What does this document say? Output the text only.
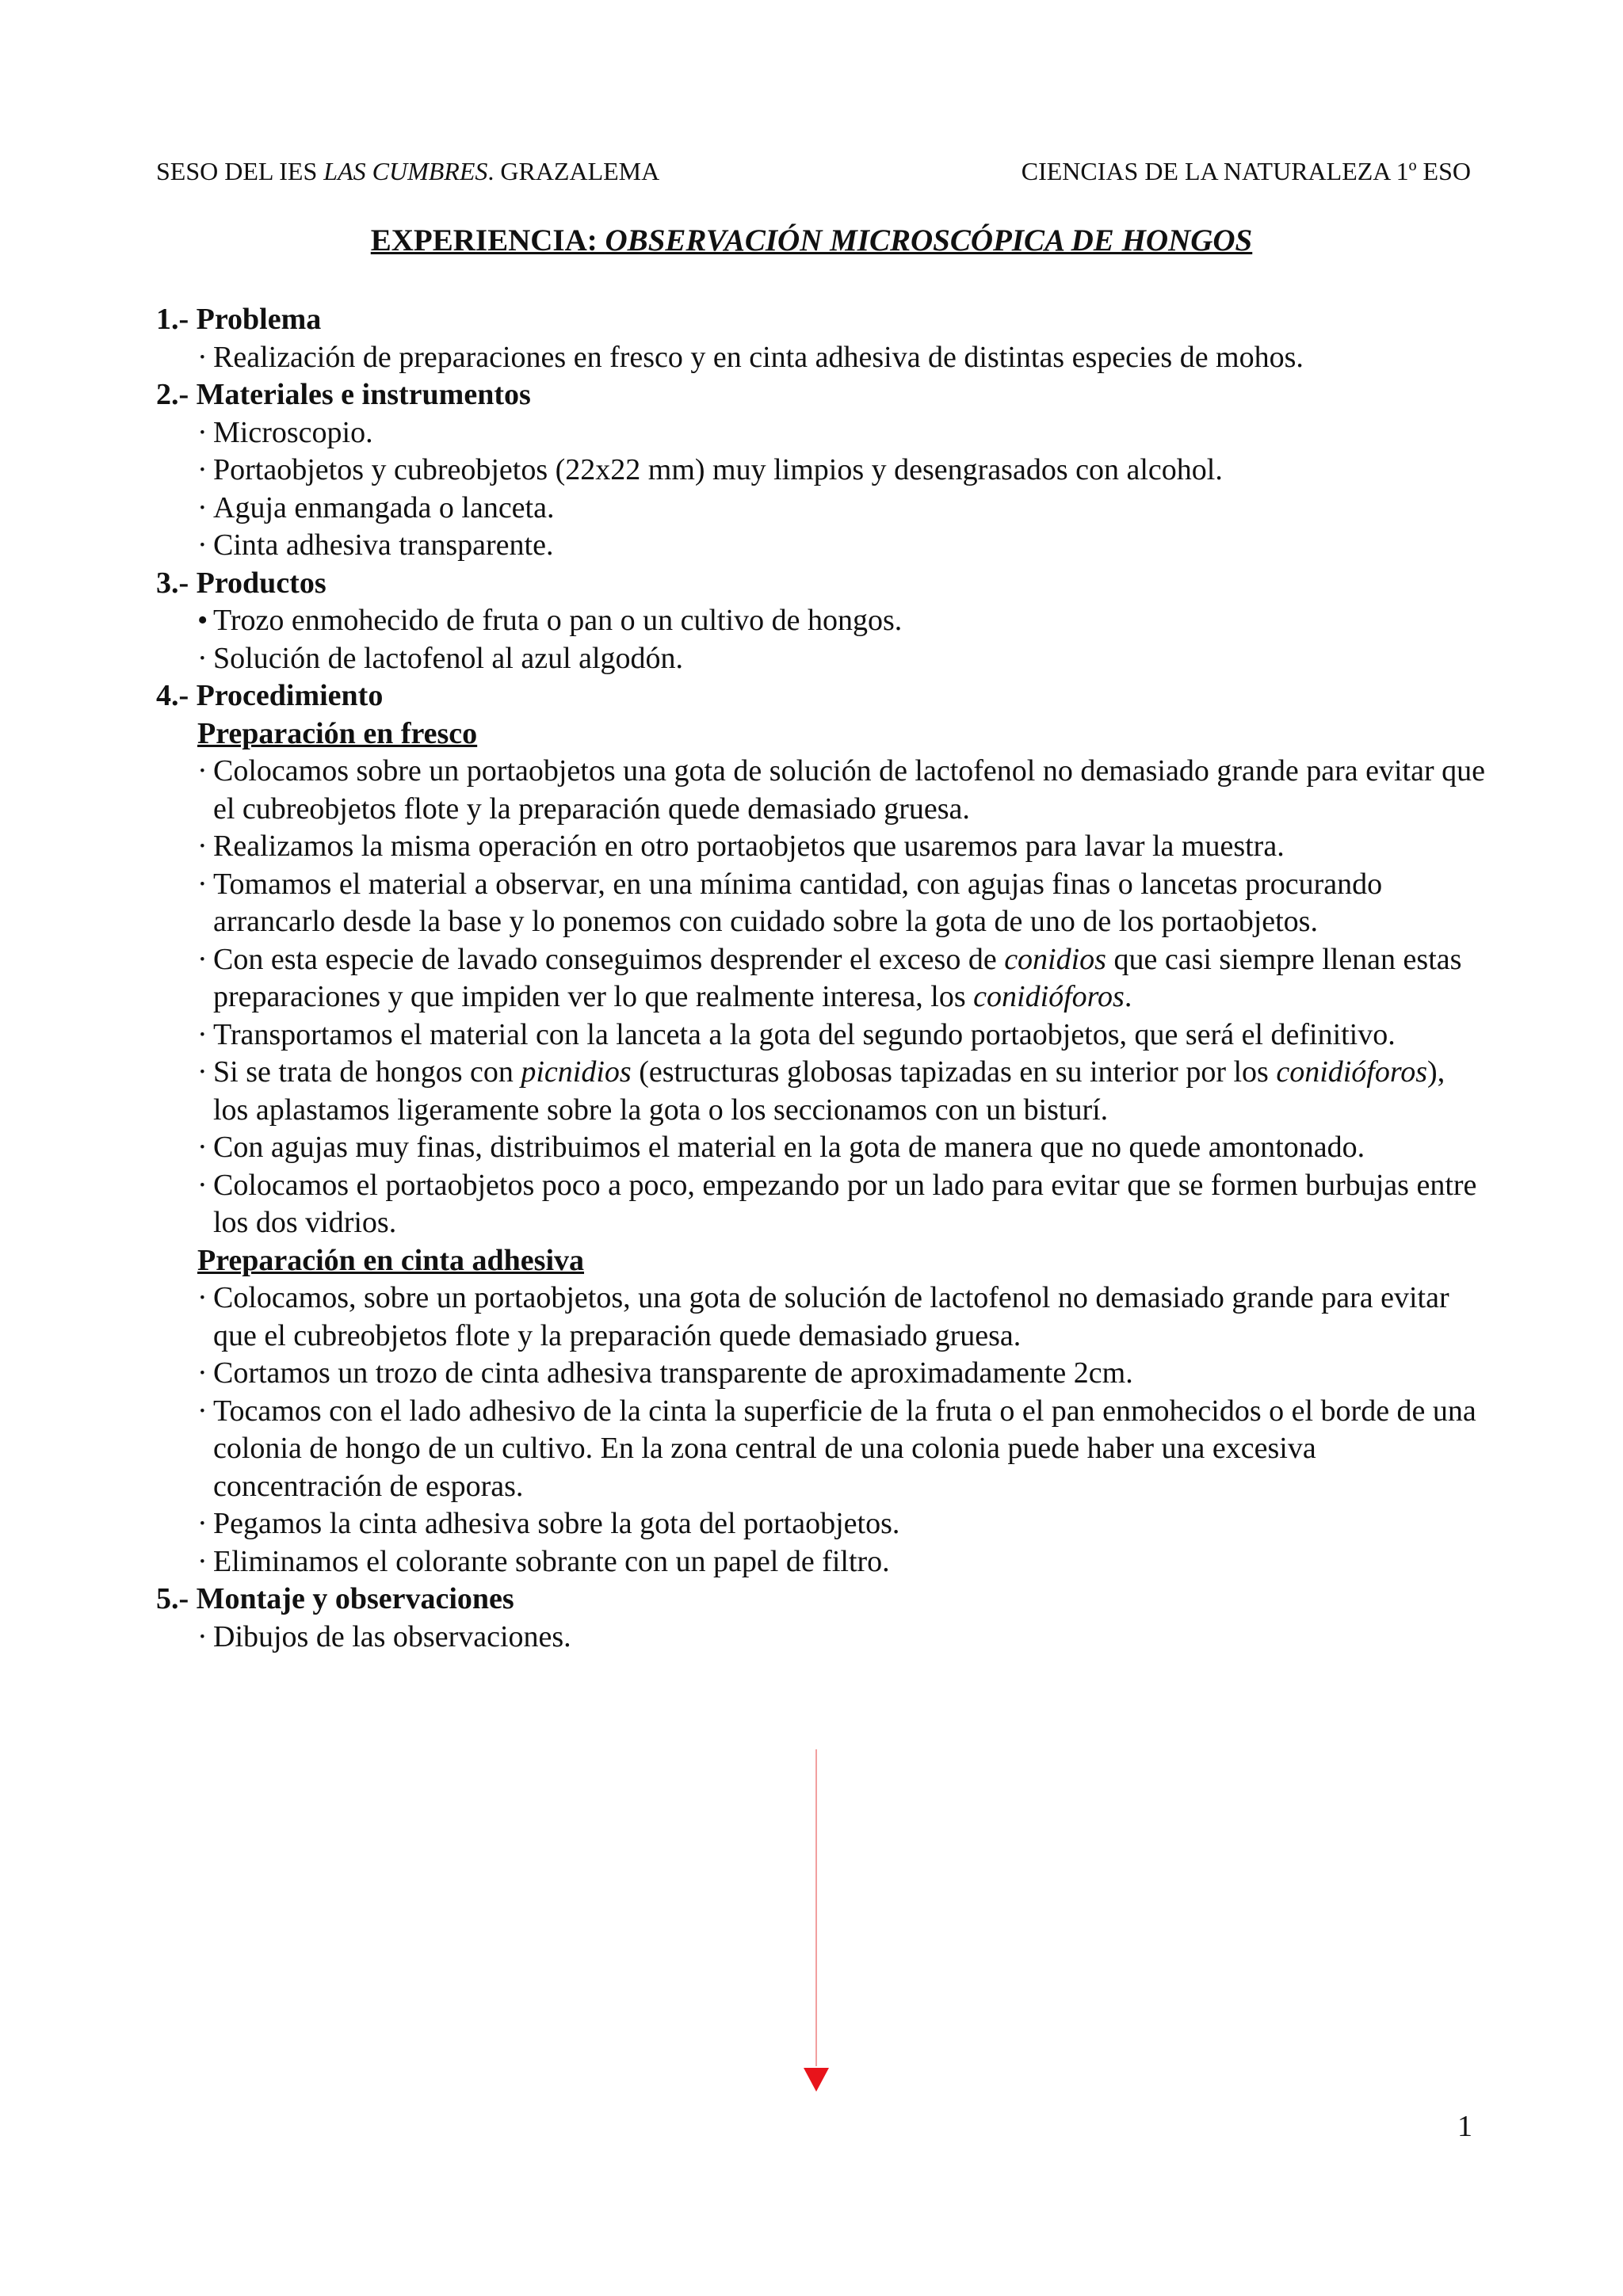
SESO DEL IES LAS CUMBRES. GRAZALEMA	CIENCIAS DE LA NATURALEZA 1º ESO
EXPERIENCIA: OBSERVACIÓN MICROSCÓPICA DE HONGOS
1.- Problema
· Realización de preparaciones en fresco y en cinta adhesiva de distintas especies de mohos.
2.- Materiales e instrumentos
· Microscopio.
· Portaobjetos y cubreobjetos (22x22 mm) muy limpios y desengrasados con alcohol.
· Aguja enmangada o lanceta.
· Cinta adhesiva transparente.
3.- Productos
• Trozo enmohecido de fruta o pan o un cultivo de hongos.
· Solución de lactofenol al azul algodón.
4.- Procedimiento
Preparación en fresco
· Colocamos sobre un portaobjetos una gota de solución de lactofenol no demasiado grande para evitar que el cubreobjetos flote y la preparación quede demasiado gruesa.
· Realizamos la misma operación en otro portaobjetos que usaremos para lavar la muestra.
· Tomamos el material a observar, en una mínima cantidad, con agujas finas o lancetas procurando arrancarlo desde la base y lo ponemos con cuidado sobre la gota de uno de los portaobjetos.
· Con esta especie de lavado conseguimos desprender el exceso de conidios que casi siempre llenan estas preparaciones y que impiden ver lo que realmente interesa, los conidióforos.
· Transportamos el material con la lanceta a la gota del segundo portaobjetos, que será el definitivo.
· Si se trata de hongos con picnidios (estructuras globosas tapizadas en su interior por los conidióforos), los aplastamos ligeramente sobre la gota o los seccionamos con un bisturí.
· Con agujas muy finas, distribuimos el material en la gota de manera que no quede amontonado.
· Colocamos el portaobjetos poco a poco, empezando por un lado para evitar que se formen burbujas entre los dos vidrios.
Preparación en cinta adhesiva
· Colocamos, sobre un portaobjetos, una gota de solución de lactofenol no demasiado grande para evitar que el cubreobjetos flote y la preparación quede demasiado gruesa.
· Cortamos un trozo de cinta adhesiva transparente de aproximadamente 2cm.
· Tocamos con el lado adhesivo de la cinta la superficie de la fruta o el pan enmohecidos o el borde de una colonia de hongo de un cultivo. En la zona central de una colonia puede haber una excesiva concentración de esporas.
· Pegamos la cinta adhesiva sobre la gota del portaobjetos.
· Eliminamos el colorante sobrante con un papel de filtro.
5.- Montaje y observaciones
· Dibujos de las observaciones.
1
